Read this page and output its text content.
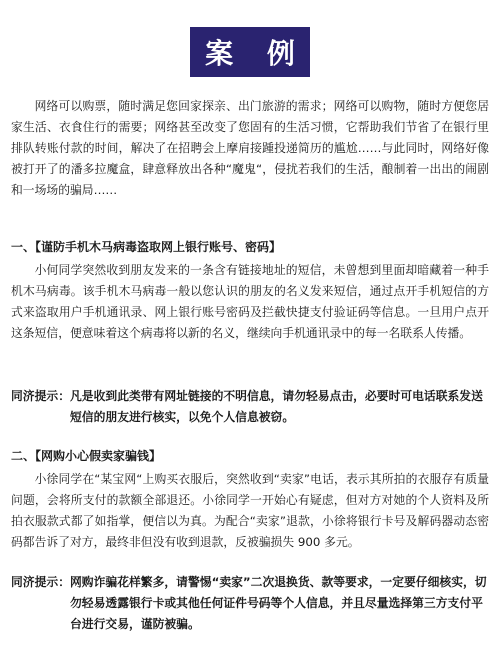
案 例

网络可以购票，随时满足您回家探亲、出门旅游的需求；网络可以购物，随时方便您居家生活、衣食住行的需要；网络甚至改变了您固有的生活习惯，它帮助我们节省了在银行里排队转账付款的时间，解决了在招聘会上摩肩接踵投递简历的尴尬……与此同时，网络好像被打开了的潘多拉魔盒，肆意释放出各种“魔鬼“，侵扰若我们的生活，酿制着一出出的闹剧和一场场的骗局……

一、【谨防手机木马病毒盗取网上银行账号、密码】

小何同学突然收到朋友发来的一条含有链接地址的短信，未曾想到里面却暗藏着一种手机木马病毒。该手机木马病毒一般以您认识的朋友的名义发来短信，通过点开手机短信的方式来盗取用户手机通讯录、网上银行账号密码及拦截快捷支付验证码等信息。一旦用户点开这条短信，便意味着这个病毒将以新的名义，继续向手机通讯录中的每一名联系人传播。

同济提示： 凡是收到此类带有网址链接的不明信息，请勿轻易点击，必要时可电话联系发送短信的朋友进行核实，以免个人信息被窃。

二、【网购小心假卖家骗钱】

小徐同学在“某宝网“上购买衣服后，突然收到“卖家”电话，表示其所拍的衣服存有质量问题，会将所支付的款额全部退还。小徐同学一开始心有疑虑，但对方对她的个人资料及所拍衣服款式都了如指掌，便信以为真。为配合“卖家”退款，小徐将银行卡号及解码器动态密码都告诉了对方，最终非但没有收到退款，反被骗损失 900 多元。

同济提示： 网购诈骗花样繁多，请警惕“卖家”二次退换货、款等要求，一定要仔细核实，切勿轻易透露银行卡或其他任何证件号码等个人信息，并且尽量选择第三方支付平台进行交易，谨防被骗。
